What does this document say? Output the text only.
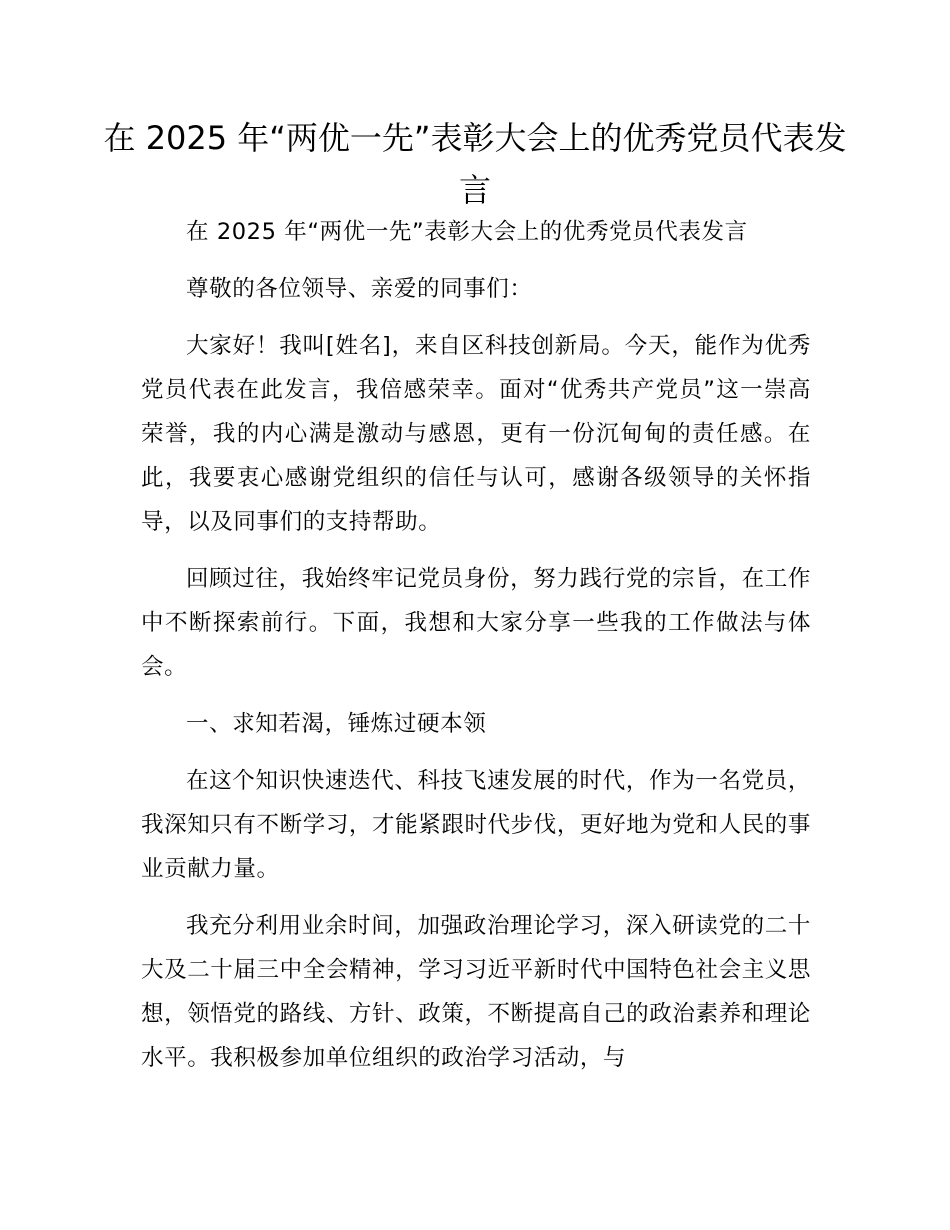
在 2025 年“两优一先”表彰大会上的优秀党员代表发言

在 2025 年“两优一先”表彰大会上的优秀党员代表发言

尊敬的各位领导、亲爱的同事们：

大家好！我叫[姓名]，来自区科技创新局。今天，能作为优秀党员代表在此发言，我倍感荣幸。面对“优秀共产党员”这一崇高荣誉，我的内心满是激动与感恩，更有一份沉甸甸的责任感。在此，我要衷心感谢党组织的信任与认可，感谢各级领导的关怀指导，以及同事们的支持帮助。

回顾过往，我始终牢记党员身份，努力践行党的宗旨，在工作中不断探索前行。下面，我想和大家分享一些我的工作做法与体会。

一、求知若渴，锤炼过硬本领

在这个知识快速迭代、科技飞速发展的时代，作为一名党员，我深知只有不断学习，才能紧跟时代步伐，更好地为党和人民的事业贡献力量。

我充分利用业余时间，加强政治理论学习，深入研读党的二十大及二十届三中全会精神，学习习近平新时代中国特色社会主义思想，领悟党的路线、方针、政策，不断提高自己的政治素养和理论水平。我积极参加单位组织的政治学习活动，与
